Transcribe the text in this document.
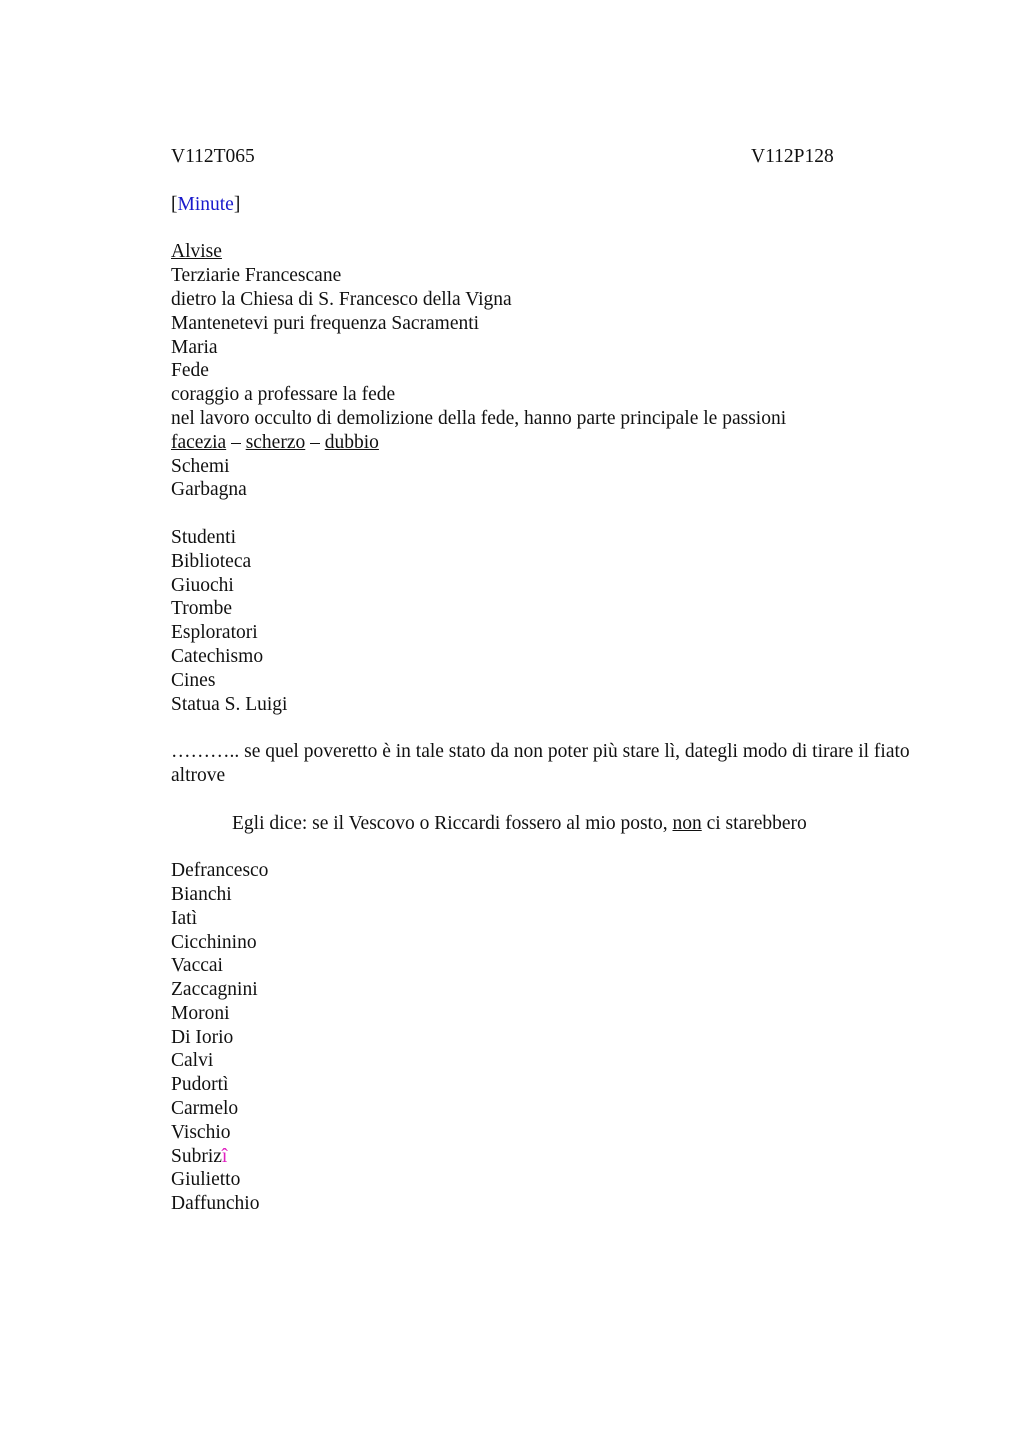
V112T065	V112P128
[Minute]
Alvise
Terziarie Francescane
dietro la Chiesa di S. Francesco della Vigna
Mantenetevi puri frequenza Sacramenti
Maria
Fede
coraggio a professare la fede
nel lavoro occulto di demolizione della fede, hanno parte principale le passioni
facezia – scherzo – dubbio
Schemi
Garbagna
Studenti
Biblioteca
Giuochi
Trombe
Esploratori
Catechismo
Cines
Statua S. Luigi
……….. se quel poveretto è in tale stato da non poter più stare lì, dategli modo di tirare il fiato altrove
Egli dice: se il Vescovo o Riccardi fossero al mio posto, non ci starebbero
Defrancesco
Bianchi
Iatì
Cicchinino
Vaccai
Zaccagnini
Moroni
Di Iorio
Calvi
Pudortì
Carmelo
Vischio
Subrizî
Giulietto
Daffunchio
